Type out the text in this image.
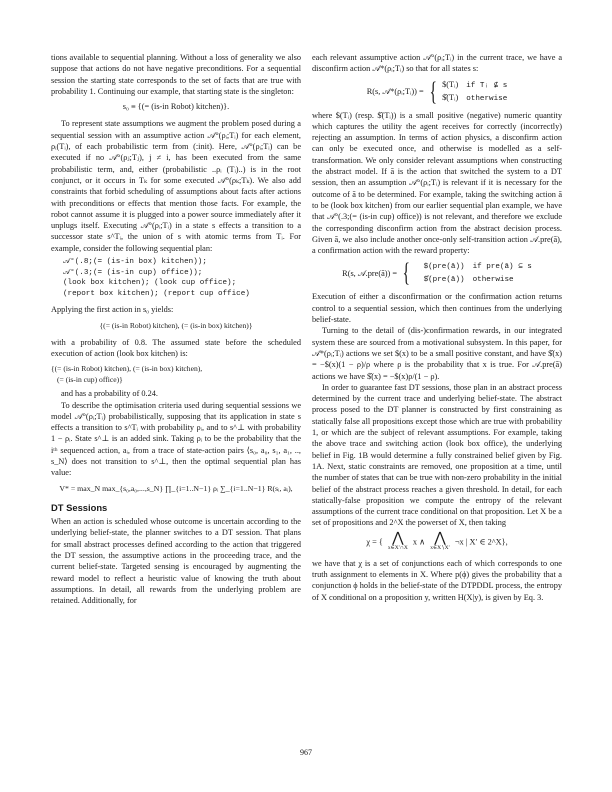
tions available to sequential planning. Without a loss of generality we also suppose that actions do not have negative preconditions. For a sequential session the starting state corresponds to the set of facts that are true with probability 1. Continuing our example, that starting state is the singleton:

s₀ ≡ {(= (is-in Robot) kitchen)}.

To represent state assumptions we augment the problem posed during a sequential session with an assumptive action 𝒜°(ρᵢ;Tᵢ) for each element, ρᵢ(Tᵢ), of each probabilistic term from (:init). Here, 𝒜°(ρᵢ;Tᵢ) can be executed if no 𝒜°(ρⱼ;Tⱼ), j ≠ i, has been executed from the same probabilistic term, and, either (probabilistic ..ρᵢ (Tᵢ)..) is in the root conjunct, or it occurs in Tₖ for some executed 𝒜°(ρₖ;Tₖ). We also add constraints that forbid scheduling of assumptions about facts after actions with preconditions or effects that mention those facts. For example, the robot cannot assume it is plugged into a power source immediately after it unplugs itself. Executing 𝒜°(ρᵢ;Tᵢ) in a state s effects a transition to a successor state s^Tᵢ, the union of s with atomic terms from Tᵢ. For example, consider the following sequential plan:

𝒜°(.8;(= (is-in box) kitchen));
𝒜°(.3;(= (is-in cup) office));
(look box kitchen); (look cup office);
(report box kitchen); (report cup office)

Applying the first action in s₀ yields:

{(= (is-in Robot) kitchen), (= (is-in box) kitchen)}

with a probability of 0.8. The assumed state before the scheduled execution of action (look box kitchen) is:

{(= (is-in Robot) kitchen), (= (is-in box) kitchen),
(= (is-in cup) office)}

and has a probability of 0.24.

To describe the optimisation criteria used during sequential sessions we model 𝒜°(ρᵢ;Tᵢ) probabilistically, supposing that its application in state s effects a transition to s^Tᵢ with probability ρᵢ, and to s^⊥ with probability 1 − ρᵢ. State s^⊥ is an added sink. Taking ρᵢ to be the probability that the iᵗʰ sequenced action, aᵢ, from a trace of state-action pairs ⟨s₀, a₀, s₁, a₁, .., s_N⟩ does not transition to s^⊥, then the optimal sequential plan has value:

V* = max_N max_{s₀,a₀,...,s_N} ∏_{i=1..N−1} ρᵢ ∑_{i=1..N−1} R(sᵢ, aᵢ),
DT Sessions

When an action is scheduled whose outcome is uncertain according to the underlying belief-state, the planner switches to a DT session. That plans for small abstract processes defined according to the action that triggered the DT session, the assumptive actions in the proceeding trace, and the current belief-state. Targeted sensing is encouraged by augmenting the reward model to reflect a heuristic value of knowing the truth about assumptions. In detail, all rewards from the underlying problem are retained. Additionally, for

each relevant assumptive action 𝒜°(ρᵢ;Tᵢ) in the current trace, we have a disconfirm action 𝒜*(ρᵢ;Tᵢ) so that for all states s:

R(s, 𝒜*(ρᵢ;Tᵢ)) = { $(Tᵢ) if Tᵢ ⊈ s
$̂(Tᵢ) otherwise

where $(Tᵢ) (resp. $̂(Tᵢ)) is a small positive (negative) numeric quantity which captures the utility the agent receives for correctly (incorrectly) rejecting an assumption. In terms of action physics, a disconfirm action can only be executed once, and otherwise is modelled as a self-transformation. We only consider relevant assumptions when constructing the abstract model. If ā is the action that switched the system to a DT session, then an assumption 𝒜°(ρᵢ;Tᵢ) is relevant if it is necessary for the outcome of ā to be determined. For example, taking the switching action ā to be (look box kitchen) from our earlier sequential plan example, we have that 𝒜°(.3;(= (is-in cup) office)) is not relevant, and therefore we exclude the corresponding disconfirm action from the abstract decision process. Given ā, we also include another once-only self-transition action 𝒜.pre(ā), a confirmation action with the reward property:

R(s, 𝒜.pre(ā)) = {	$(pre(ā)) if pre(ā) ⊆ s
$̂(pre(ā)) otherwise

Execution of either a disconfirmation or the confirmation action returns control to a sequential session, which then continues from the underlying belief-state.

Turning to the detail of (dis-)confirmation rewards, in our integrated system these are sourced from a motivational subsystem. In this paper, for 𝒜*(ρᵢ;Tᵢ) actions we set $(x) to be a small positive constant, and have $̂(x) = −$(x)(1 − ρ)/ρ where ρ is the probability that x is true. For 𝒜.pre(ā) actions we have $̂(x) = −$(x)ρ/(1 − ρ).

In order to guarantee fast DT sessions, those plan in an abstract process determined by the current trace and underlying belief-state. The abstract process posed to the DT planner is constructed by first constraining as statically false all propositions except those which are true with probability 1, or which are the subject of relevant assumptions. For example, taking the above trace and switching action (look box office), the underlying belief in Fig. 1B would determine a fully constrained belief given by Fig. 1A. Next, static constraints are removed, one proposition at a time, until the number of states that can be true with non-zero probability in the initial belief of the abstract process reaches a given threshold. In detail, for each statically-false proposition we compute the entropy of the relevant assumptions of the current trace conditional on that proposition. Let X be a set of propositions and 2^X the powerset of X, then taking

χ = { ⋀
x∈X′∩X
x ∧ ⋀
x∈X∖X′
¬x | X′ ∈ 2^X},

we have that χ is a set of conjunctions each of which corresponds to one truth assignment to elements in X. Where p(ϕ) gives the probability that a conjunction ϕ holds in the belief-state of the DTPDDL process, the entropy of X conditional on a proposition y, written H(X|y), is given by Eq. 3.

967
